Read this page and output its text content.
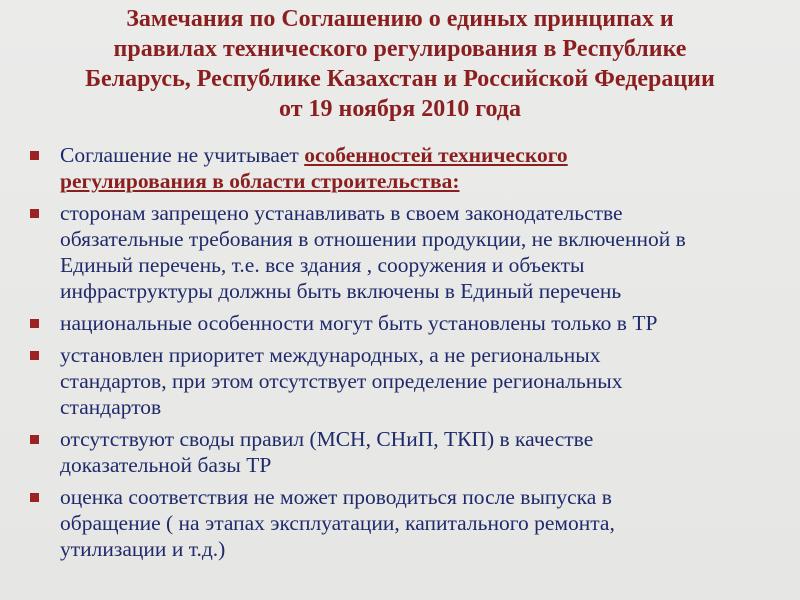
Замечания по Соглашению о единых принципах и
правилах технического регулирования в Республике
Беларусь, Республике Казахстан и Российской Федерации
от 19 ноября 2010 года
Соглашение не учитывает особенностей технического
регулирования в области строительства:
сторонам запрещено устанавливать в своем законодательстве
обязательные требования в отношении продукции, не включенной в
Единый перечень, т.е. все здания , сооружения и объекты
инфраструктуры должны быть включены в Единый перечень
национальные особенности могут быть установлены только в ТР
установлен приоритет международных, а не региональных
стандартов, при этом отсутствует определение региональных
стандартов
отсутствуют своды правил (МСН, СНиП, ТКП) в качестве
доказательной базы ТР
оценка соответствия не может проводиться после выпуска в
обращение ( на этапах эксплуатации, капитального ремонта,
утилизации и т.д.)
